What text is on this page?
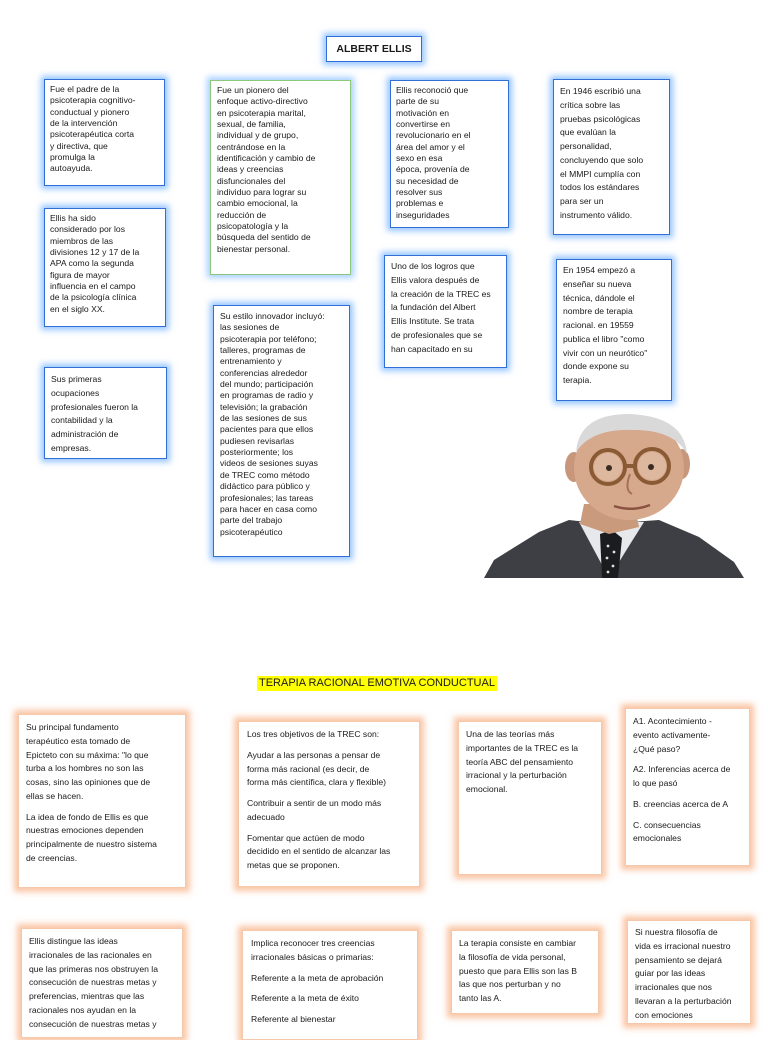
ALBERT ELLIS

Fue el padre de la
psicoterapia cognitivo-
conductual y pionero
de la intervención
psicoterapéutica corta
y directiva, que
promulga la
autoayuda.

Fue un pionero del
enfoque activo-directivo
en psicoterapia marital,
sexual, de familia,
individual y de grupo,
centrándose en la
identificación y cambio de
ideas y creencias
disfuncionales del
individuo para lograr su
cambio emocional, la
reducción de
psicopatología y la
búsqueda del sentido de
bienestar personal.

Ellis reconoció que
parte de su
motivación en
convertirse en
revolucionario en el
área del amor y el
sexo en esa
época, provenía de
su necesidad de
resolver sus
problemas e
inseguridades

En 1946 escribió una
crítica sobre las
pruebas psicológicas
que evalúan la
personalidad,
concluyendo que solo
el MMPI cumplía con
todos los estándares
para ser un
instrumento válido.

Ellis ha sido
considerado por los
miembros de las
divisiones 12 y 17 de la
APA como la segunda
figura de mayor
influencia en el campo
de la psicología clínica
en el siglo XX.

Uno de los logros que
Ellis valora después de
la creación de la TREC es
la fundación del Albert
Ellis Institute. Se trata
de profesionales que se
han capacitado en su

En 1954 empezó a
enseñar su nueva
técnica, dándole el
nombre de terapia
racional. en 19559
publica el libro "como
vivir con un neurótico"
donde expone su
terapia.

Su estilo innovador incluyó:
las sesiones de
psicoterapia por teléfono;
talleres, programas de
entrenamiento y
conferencias alrededor
del mundo; participación
en programas de radio y
televisión; la grabación
de las sesiones de sus
pacientes para que ellos
pudiesen revisarlas
posteriormente; los
videos de sesiones suyas
de TREC como método
didáctico para público y
profesionales; las tareas
para hacer en casa como
parte del trabajo
psicoterapéutico

Sus primeras
ocupaciones
profesionales fueron la
contabilidad y la
administración de
empresas.

TERAPIA RACIONAL EMOTIVA CONDUCTUAL

Su principal fundamento
terapéutico esta tomado de
Epicteto con su máxima: "lo que
turba a los hombres no son las
cosas, sino las opiniones que de
ellas se hacen.

La idea de fondo de Ellis es que
nuestras emociones dependen
principalmente de nuestro sistema
de creencias.

Los tres objetivos de la TREC son:

Ayudar a las personas a pensar de
forma más racional (es decir, de
forma más científica, clara y flexible)

Contribuir a sentir de un modo más
adecuado

Fomentar que actúen de modo
decidido en el sentido de alcanzar las
metas que se proponen.

Una de las teorías más
importantes de la TREC es la
teoría ABC del pensamiento
irracional y la perturbación
emocional.

A1. Acontecimiento -
evento activamente-
¿Qué paso?

A2. Inferencias acerca de
lo que pasó

B. creencias acerca de A

C. consecuencias
emocionales

Ellis distingue las ideas
irracionales de las racionales en
que las primeras nos obstruyen la
consecución de nuestras metas y
preferencias, mientras que las
racionales nos ayudan en la
consecución de nuestras metas y

Implica reconocer tres creencias
irracionales básicas o primarias:

Referente a la meta de aprobación

Referente a la meta de éxito

Referente al bienestar

La terapia consiste en cambiar
la filosofía de vida personal,
puesto que para Ellis son las B
las que nos perturban y no
tanto las A.

Si nuestra filosofía de
vida es irracional nuestro
pensamiento se dejará
guiar por las ideas
irracionales que nos
llevaran a la perturbación
con emociones
